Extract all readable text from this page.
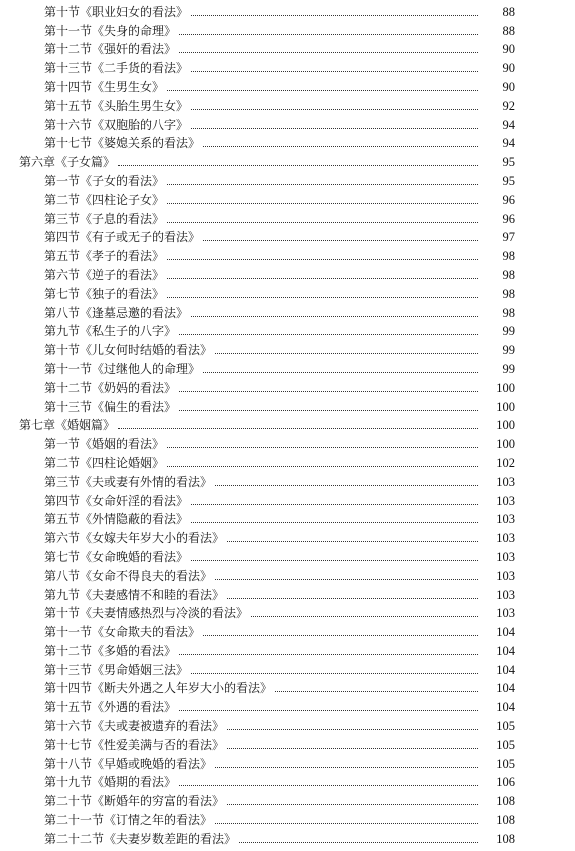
第十节《职业妇女的看法》	88
第十一节《失身的命理》	88
第十二节《强奸的看法》	90
第十三节《二手货的看法》	90
第十四节《生男生女》	90
第十五节《头胎生男生女》	92
第十六节《双胞胎的八字》	94
第十七节《婆媳关系的看法》	94
第六章《子女篇》	95
第一节《子女的看法》	95
第二节《四柱论子女》	96
第三节《子息的看法》	96
第四节《有子或无子的看法》	97
第五节《孝子的看法》	98
第六节《逆子的看法》	98
第七节《独子的看法》	98
第八节《逢墓忌邀的看法》	98
第九节《私生子的八字》	99
第十节《儿女何时结婚的看法》	99
第十一节《过继他人的命理》	99
第十二节《奶妈的看法》	100
第十三节《偏生的看法》	100
第七章《婚姻篇》	100
第一节《婚姻的看法》	100
第二节《四柱论婚姻》	102
第三节《夫或妻有外情的看法》	103
第四节《女命奸淫的看法》	103
第五节《外情隐蔽的看法》	103
第六节《女嫁夫年岁大小的看法》	103
第七节《女命晚婚的看法》	103
第八节《女命不得良夫的看法》	103
第九节《夫妻感情不和睦的看法》	103
第十节《夫妻情感热烈与冷淡的看法》	103
第十一节《女命欺夫的看法》	104
第十二节《多婚的看法》	104
第十三节《男命婚姻三法》	104
第十四节《断夫外遇之人年岁大小的看法》	104
第十五节《外遇的看法》	104
第十六节《夫或妻被遗弃的看法》	105
第十七节《性爱美满与否的看法》	105
第十八节《早婚或晚婚的看法》	105
第十九节《婚期的看法》	106
第二十节《断婚年的穷富的看法》	108
第二十一节《订情之年的看法》	108
第二十二节《夫妻岁数差距的看法》	108
